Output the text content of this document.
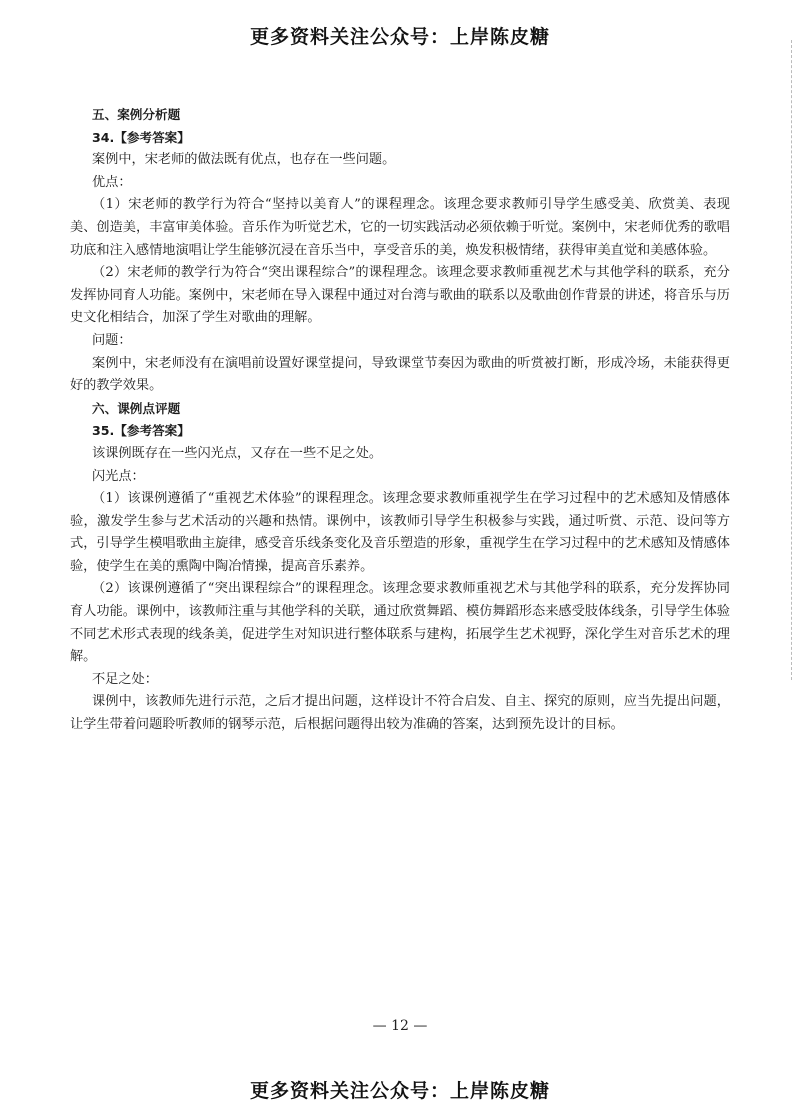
更多资料关注公众号：上岸陈皮糖

五、案例分析题

34.【参考答案】

案例中，宋老师的做法既有优点，也存在一些问题。

优点：

（1）宋老师的教学行为符合“坚持以美育人”的课程理念。该理念要求教师引导学生感受美、欣赏美、表现美、创造美，丰富审美体验。音乐作为听觉艺术，它的一切实践活动必须依赖于听觉。案例中，宋老师优秀的歌唱功底和注入感情地演唱让学生能够沉浸在音乐当中，享受音乐的美，焕发积极情绪，获得审美直觉和美感体验。

（2）宋老师的教学行为符合“突出课程综合”的课程理念。该理念要求教师重视艺术与其他学科的联系，充分发挥协同育人功能。案例中，宋老师在导入课程中通过对台湾与歌曲的联系以及歌曲创作背景的讲述，将音乐与历史文化相结合，加深了学生对歌曲的理解。

问题：

案例中，宋老师没有在演唱前设置好课堂提问，导致课堂节奏因为歌曲的听赏被打断，形成冷场，未能获得更好的教学效果。

六、课例点评题

35.【参考答案】

该课例既存在一些闪光点，又存在一些不足之处。

闪光点：

（1）该课例遵循了“重视艺术体验”的课程理念。该理念要求教师重视学生在学习过程中的艺术感知及情感体验，激发学生参与艺术活动的兴趣和热情。课例中，该教师引导学生积极参与实践，通过听赏、示范、设问等方式，引导学生模唱歌曲主旋律，感受音乐线条变化及音乐塑造的形象，重视学生在学习过程中的艺术感知及情感体验，使学生在美的熏陶中陶冶情操，提高音乐素养。

（2）该课例遵循了“突出课程综合”的课程理念。该理念要求教师重视艺术与其他学科的联系，充分发挥协同育人功能。课例中，该教师注重与其他学科的关联，通过欣赏舞蹈、模仿舞蹈形态来感受肢体线条，引导学生体验不同艺术形式表现的线条美，促进学生对知识进行整体联系与建构，拓展学生艺术视野，深化学生对音乐艺术的理解。

不足之处：

课例中，该教师先进行示范，之后才提出问题，这样设计不符合启发、自主、探究的原则，应当先提出问题，让学生带着问题聆听教师的钢琴示范，后根据问题得出较为准确的答案，达到预先设计的目标。

— 12 —
更多资料关注公众号：上岸陈皮糖
